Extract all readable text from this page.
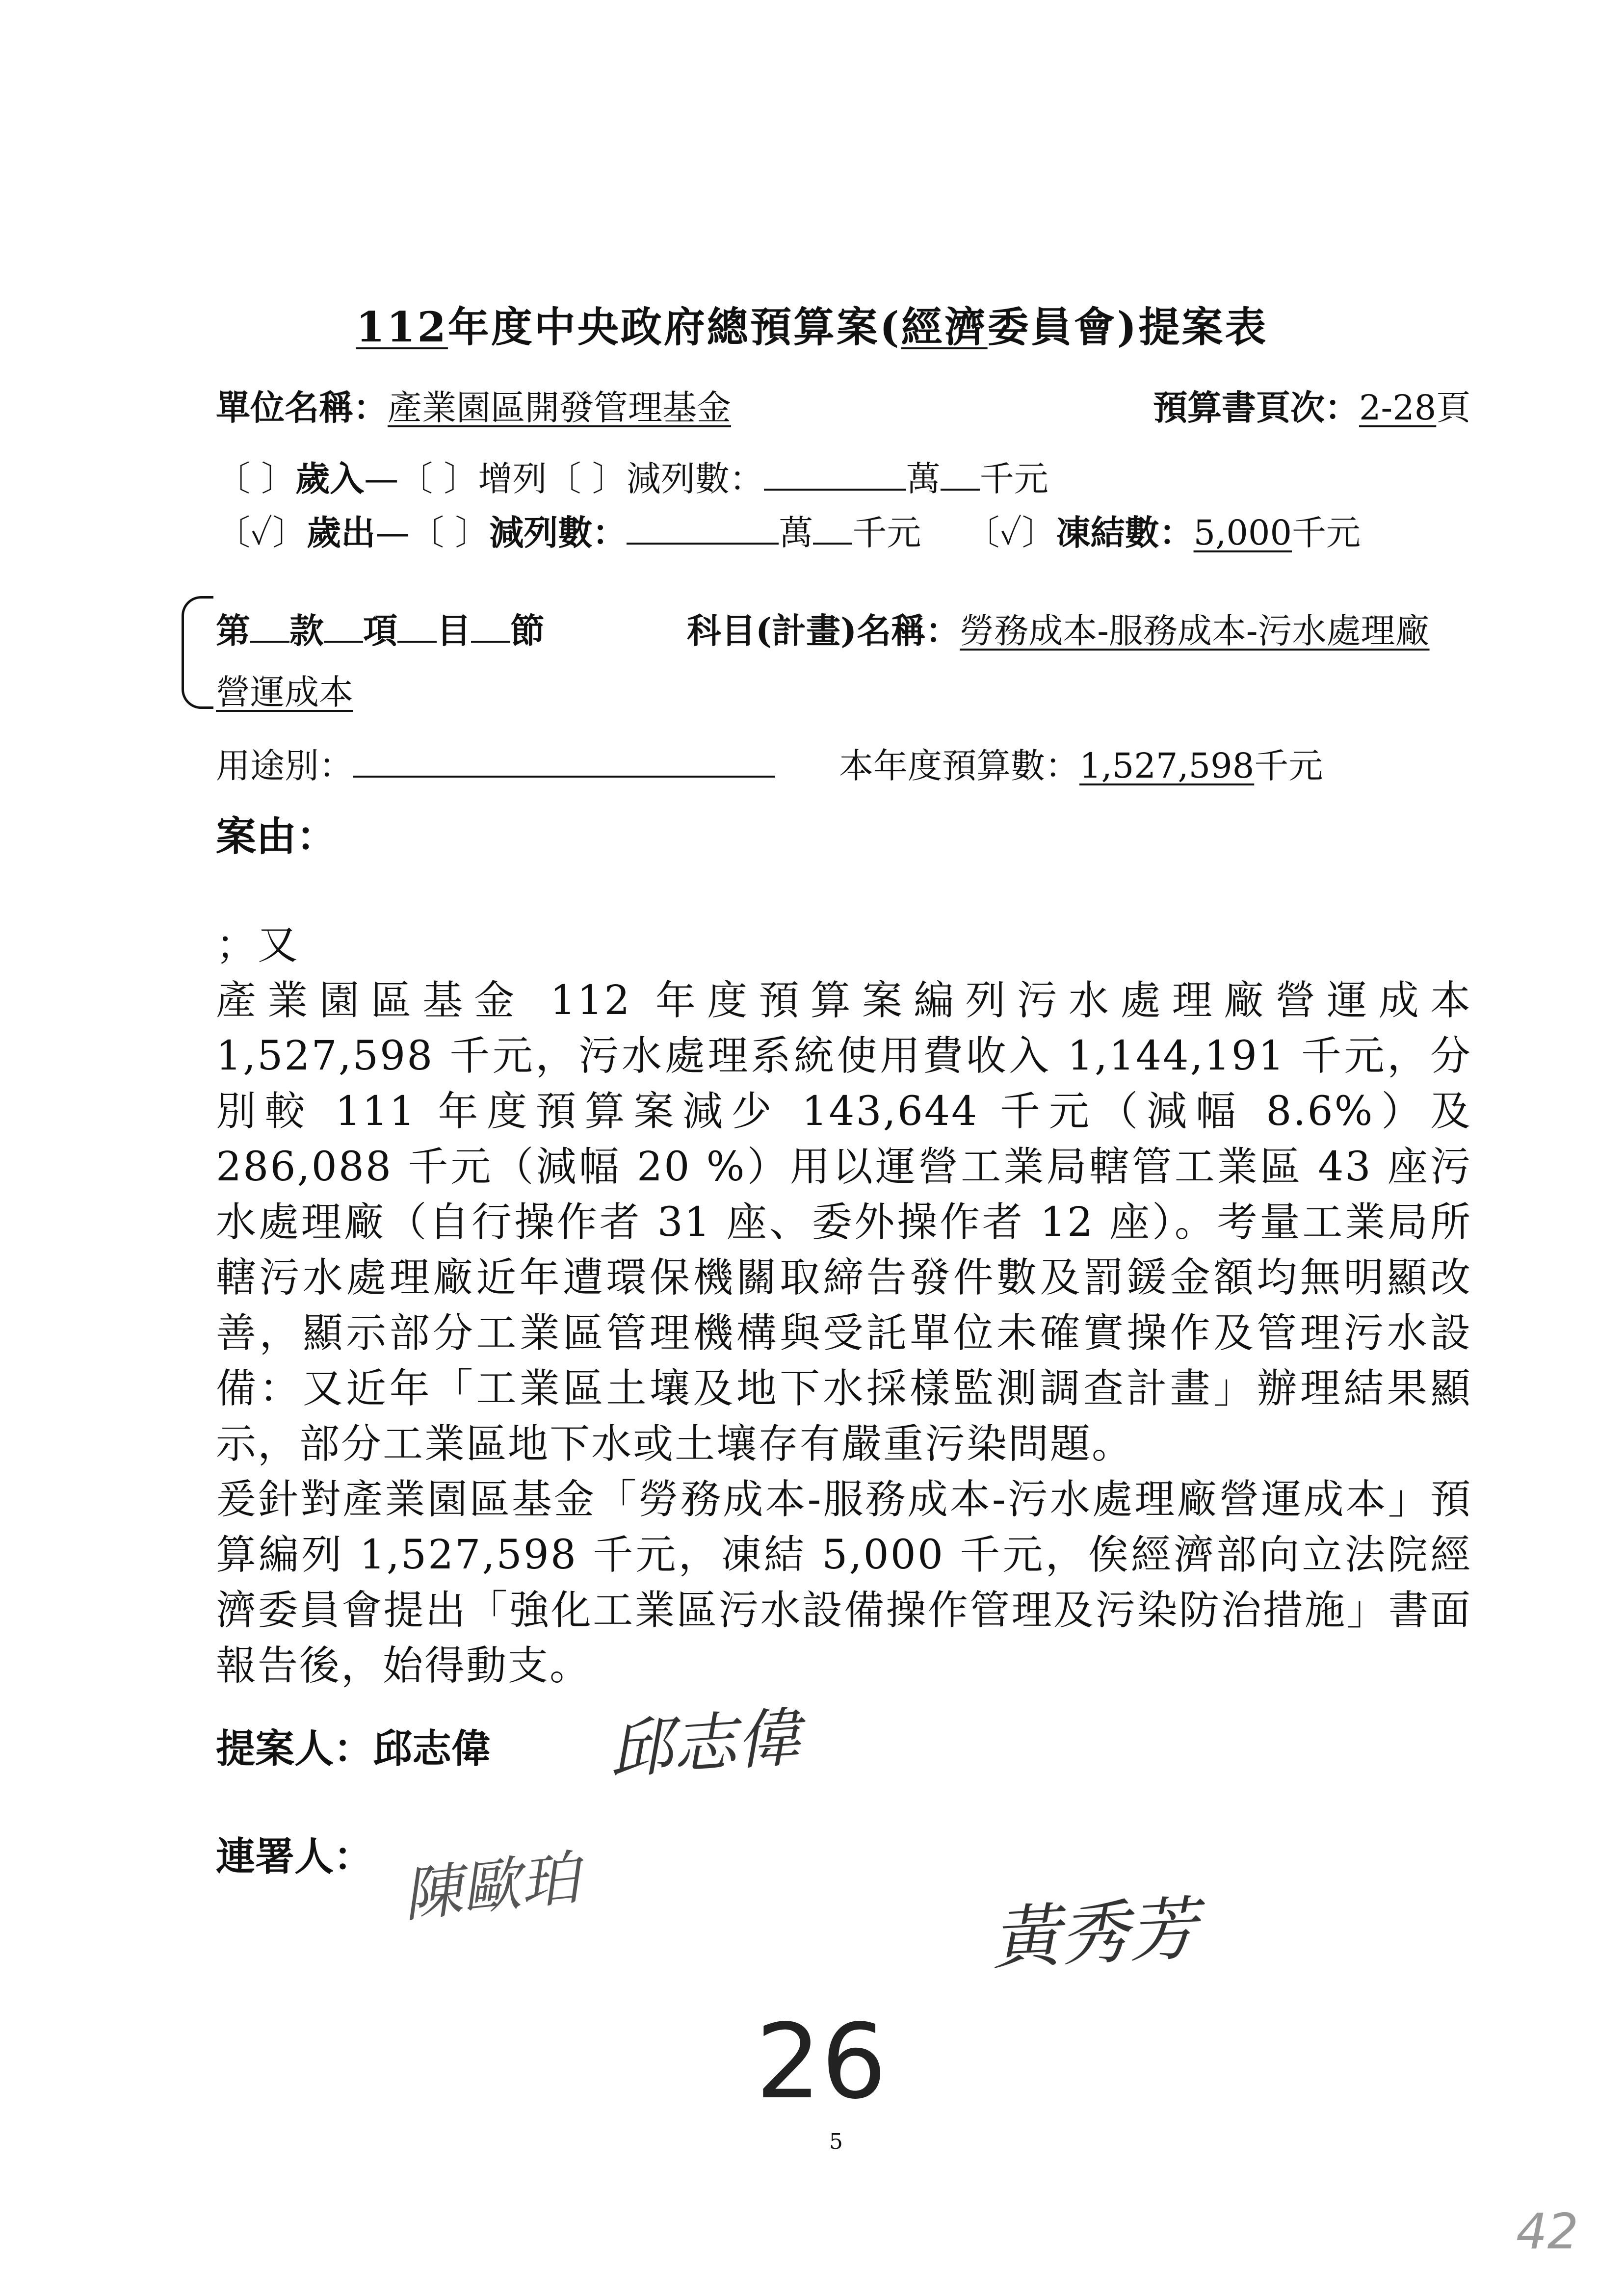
112年度中央政府總預算案(經濟委員會)提案表
單位名稱：產業園區開發管理基金	預算書頁次：2-28頁
〔 〕歲入—〔 〕增列〔 〕減列數：	萬 千元
〔✓〕歲出—〔 〕減列數：	萬 千元 〔✓〕凍結數：5,000千元
第 款 項 目 節	科目(計畫)名稱：勞務成本-服務成本-污水處理廠
營運成本
用途別：	本年度預算數：1,527,598千元
案由：

；又

產業園區基金 112 年度預算案編列污水處理廠營運成本 1,527,598 千元，污水處理系統使用費收入 1,144,191 千元，分別較 111 年度預算案減少 143,644 千元（減幅 8.6%）及 286,088 千元（減幅 20 %）用以運營工業局轄管工業區 43 座污水處理廠（自行操作者 31 座、委外操作者 12 座）。考量工業局所轄污水處理廠近年遭環保機關取締告發件數及罰鍰金額均無明顯改善，顯示部分工業區管理機構與受託單位未確實操作及管理污水設備：又近年「工業區土壤及地下水採樣監測調查計畫」辦理結果顯示，部分工業區地下水或土壤存有嚴重污染問題。

爰針對產業園區基金「勞務成本-服務成本-污水處理廠營運成本」預算編列 1,527,598 千元，凍結 5,000 千元，俟經濟部向立法院經濟委員會提出「強化工業區污水設備操作管理及污染防治措施」書面報告後，始得動支。

提案人：邱志偉 邱志偉
連署人： 陳歐珀
黃秀芳
26
5
42
